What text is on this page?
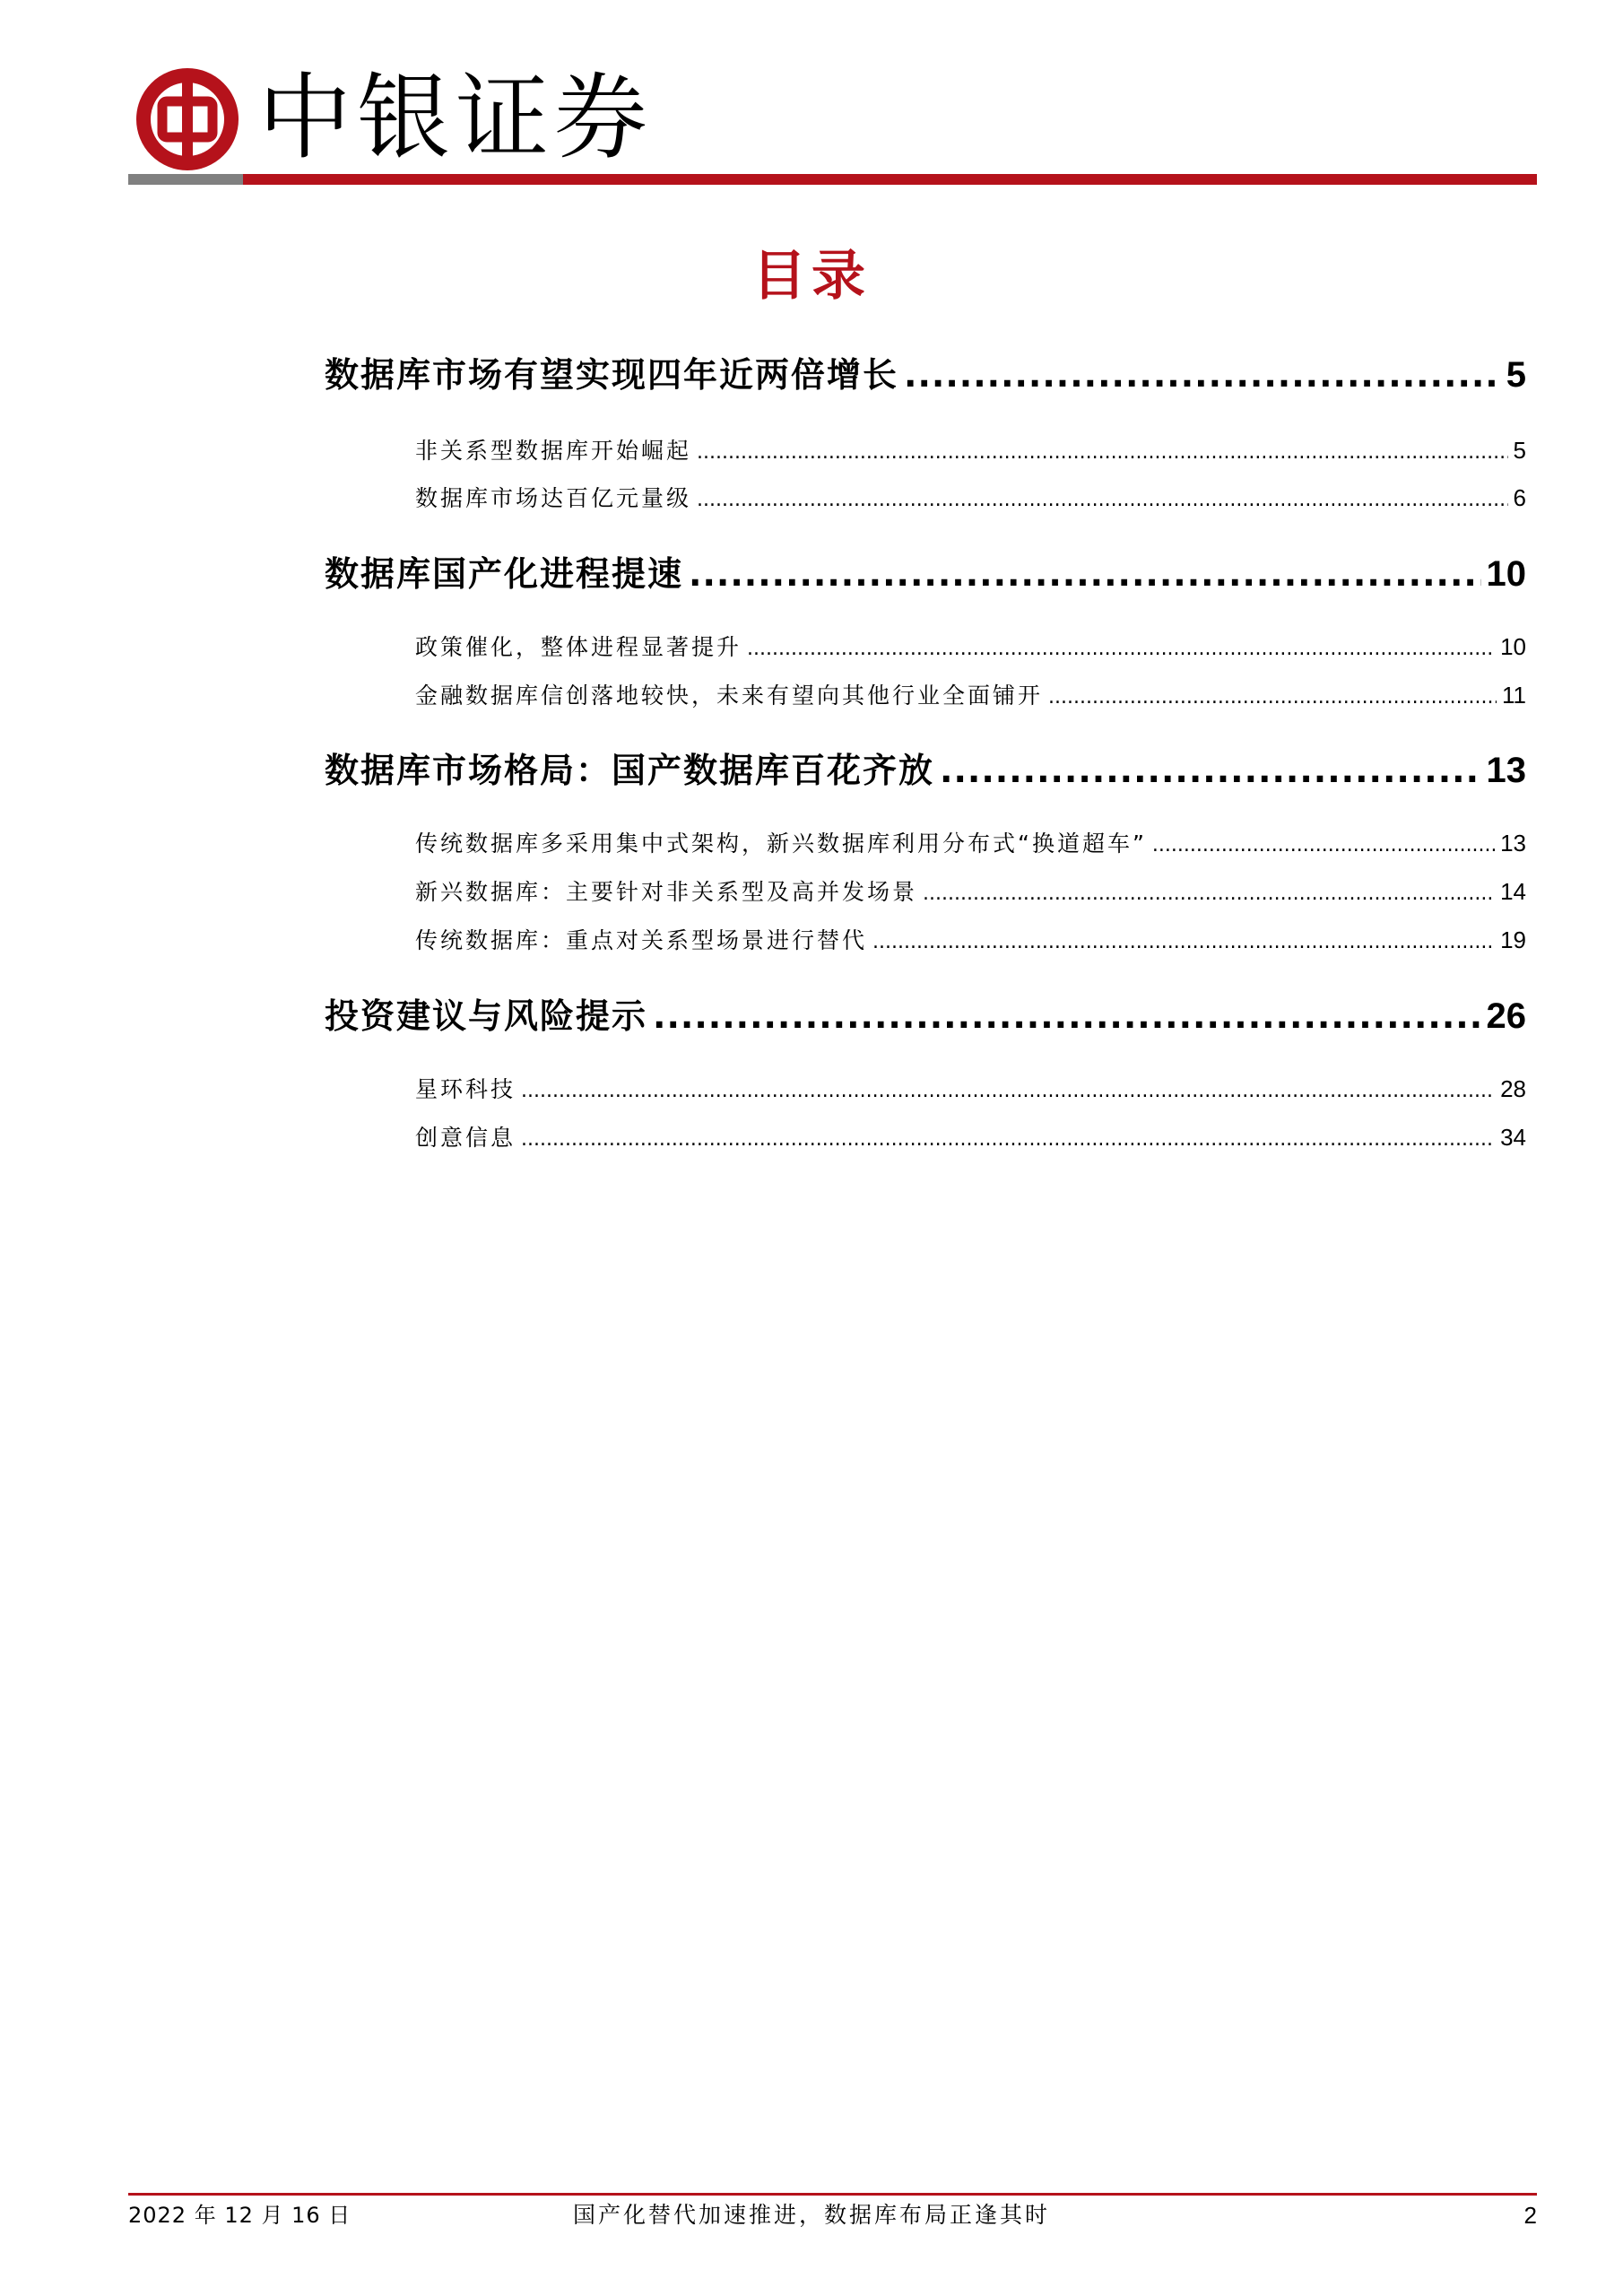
中银证券
目录
数据库市场有望实现四年近两倍增长 .....	5
非关系型数据库开始崛起 .....	5
数据库市场达百亿元量级 .....	6
数据库国产化进程提速 .....	10
政策催化，整体进程显著提升 .....	10
金融数据库信创落地较快，未来有望向其他行业全面铺开 .....	11
数据库市场格局：国产数据库百花齐放 .....	13
传统数据库多采用集中式架构，新兴数据库利用分布式“换道超车” .....	13
新兴数据库：主要针对非关系型及高并发场景 .....	14
传统数据库：重点对关系型场景进行替代 .....	19
投资建议与风险提示 .....	26
星环科技 .....	28
创意信息 .....	34
2022 年 12 月 16 日	国产化替代加速推进，数据库布局正逢其时	2
